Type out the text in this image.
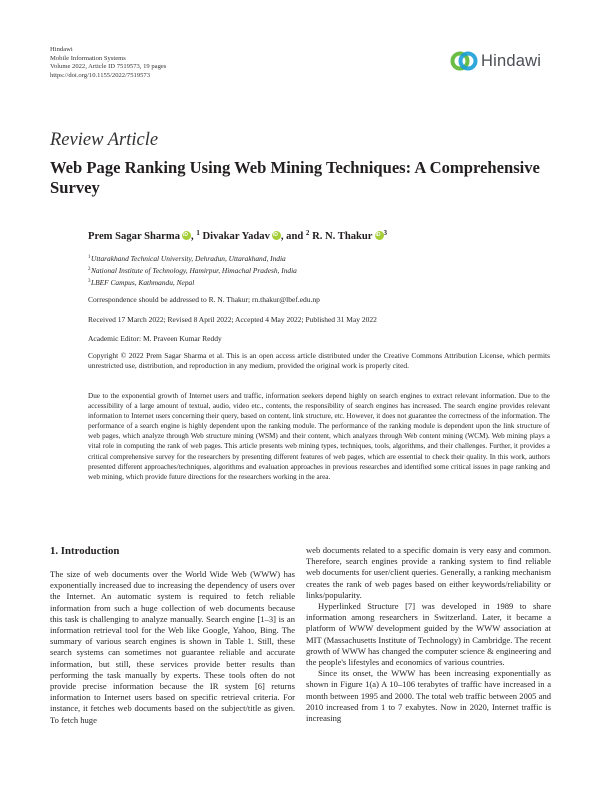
Hindawi
Mobile Information Systems
Volume 2022, Article ID 7519573, 19 pages
https://doi.org/10.1155/2022/7519573
Hindawi
Review Article
Web Page Ranking Using Web Mining Techniques: A Comprehensive Survey
Prem Sagar Sharma iD , $^1$ Divakar Yadav iD , and $^2$ R. N. Thakur iD $^3$
$^1$Uttarakhand Technical University, Dehradun, Uttarakhand, India
$^2$National Institute of Technology, Hamirpur, Himachal Pradesh, India
$^3$LBEF Campus, Kathmandu, Nepal
Correspondence should be addressed to R. N. Thakur; rn.thakur@lbef.edu.np
Received 17 March 2022; Revised 8 April 2022; Accepted 4 May 2022; Published 31 May 2022
Academic Editor: M. Praveen Kumar Reddy
Copyright © 2022 Prem Sagar Sharma et al. This is an open access article distributed under the Creative Commons Attribution License, which permits unrestricted use, distribution, and reproduction in any medium, provided the original work is properly cited.
Due to the exponential growth of Internet users and traffic, information seekers depend highly on search engines to extract relevant information. Due to the accessibility of a large amount of textual, audio, video etc., contents, the responsibility of search engines has increased. The search engine provides relevant information to Internet users concerning their query, based on content, link structure, etc. However, it does not guarantee the correctness of the information. The performance of a search engine is highly dependent upon the ranking module. The performance of the ranking module is dependent upon the link structure of web pages, which analyze through Web structure mining (WSM) and their content, which analyzes through Web content mining (WCM). Web mining plays a vital role in computing the rank of web pages. This article presents web mining types, techniques, tools, algorithms, and their challenges. Further, it provides a critical comprehensive survey for the researchers by presenting different features of web pages, which are essential to check their quality. In this work, authors presented different approaches/techniques, algorithms and evaluation approaches in previous researches and identified some critical issues in page ranking and web mining, which provide future directions for the researchers working in the area.
1. Introduction

The size of web documents over the World Wide Web (WWW) has exponentially increased due to increasing the dependency of users over the Internet. An automatic system is required to fetch reliable information from such a huge collection of web documents because this task is challenging to analyze manually. Search engine [1–3] is an information retrieval tool for the Web like Google, Yahoo, Bing. The summary of various search engines is shown in Table 1. Still, these search systems can sometimes not guarantee reliable and accurate information, but still, these services provide better results than performing the task manually by experts. These tools often do not provide precise information because the IR system [6] returns information to Internet users based on specific retrieval criteria. For instance, it fetches web documents based on the subject/title as given. To fetch huge

web documents related to a specific domain is very easy and common. Therefore, search engines provide a ranking system to find reliable web documents for user/client queries. Generally, a ranking mechanism creates the rank of web pages based on either keywords/reliability or links/popularity.

Hyperlinked Structure [7] was developed in 1989 to share information among researchers in Switzerland. Later, it became a platform of WWW development guided by the WWW association at MIT (Massachusetts Institute of Technology) in Cambridge. The recent growth of WWW has changed the computer science & engineering and the people's lifestyles and economics of various countries.

Since its onset, the WWW has been increasing exponentially as shown in Figure 1(a) A 10–106 terabytes of traffic have increased in a month between 1995 and 2000. The total web traffic between 2005 and 2010 increased from 1 to 7 exabytes. Now in 2020, Internet traffic is increasing
